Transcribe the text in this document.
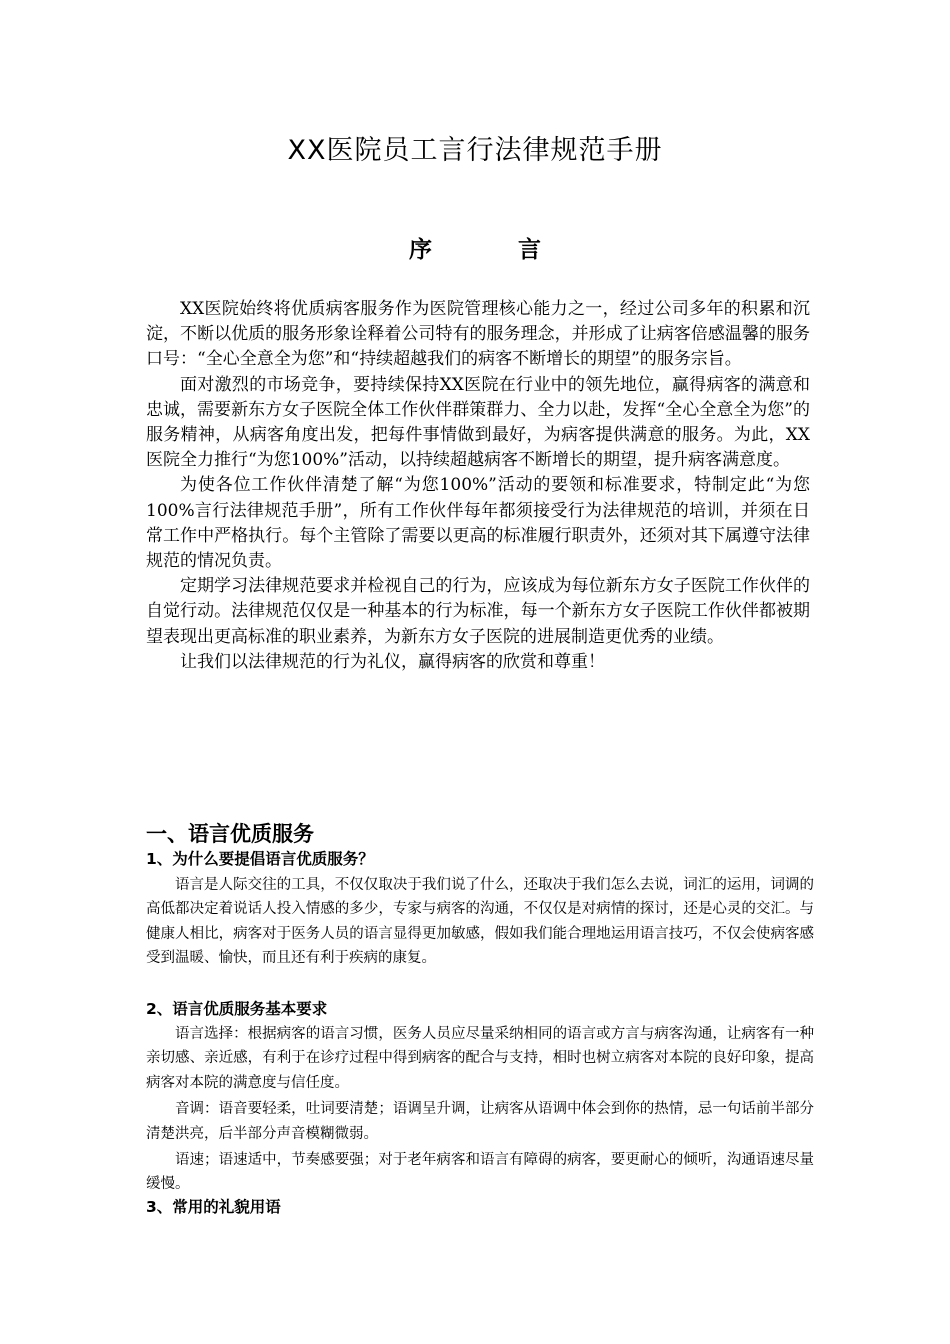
XX医院员工言行法律规范手册
序言

XX医院始终将优质病客服务作为医院管理核心能力之一，经过公司多年的积累和沉淀，不断以优质的服务形象诠释着公司特有的服务理念，并形成了让病客倍感温馨的服务口号：“全心全意全为您”和“持续超越我们的病客不断增长的期望”的服务宗旨。

面对激烈的市场竞争，要持续保持XX医院在行业中的领先地位，赢得病客的满意和忠诚，需要新东方女子医院全体工作伙伴群策群力、全力以赴，发挥“全心全意全为您”的服务精神，从病客角度出发，把每件事情做到最好，为病客提供满意的服务。为此，XX医院全力推行“为您100%”活动，以持续超越病客不断增长的期望，提升病客满意度。

为使各位工作伙伴清楚了解“为您100%”活动的要领和标准要求，特制定此“为您100%言行法律规范手册”，所有工作伙伴每年都须接受行为法律规范的培训，并须在日常工作中严格执行。每个主管除了需要以更高的标准履行职责外，还须对其下属遵守法律规范的情况负责。

定期学习法律规范要求并检视自己的行为，应该成为每位新东方女子医院工作伙伴的自觉行动。法律规范仅仅是一种基本的行为标准，每一个新东方女子医院工作伙伴都被期望表现出更高标准的职业素养，为新东方女子医院的进展制造更优秀的业绩。

让我们以法律规范的行为礼仪，赢得病客的欣赏和尊重！

一、语言优质服务
1、为什么要提倡语言优质服务？

语言是人际交往的工具，不仅仅取决于我们说了什么，还取决于我们怎么去说，词汇的运用，词调的高低都决定着说话人投入情感的多少，专家与病客的沟通，不仅仅是对病情的探讨，还是心灵的交汇。与健康人相比，病客对于医务人员的语言显得更加敏感，假如我们能合理地运用语言技巧，不仅会使病客感受到温暖、愉快，而且还有利于疾病的康复。

2、语言优质服务基本要求

语言选择：根据病客的语言习惯，医务人员应尽量采纳相同的语言或方言与病客沟通，让病客有一种亲切感、亲近感，有利于在诊疗过程中得到病客的配合与支持，相时也树立病客对本院的良好印象，提高病客对本院的满意度与信任度。

音调：语音要轻柔，吐词要清楚；语调呈升调，让病客从语调中体会到你的热情，忌一句话前半部分清楚洪亮，后半部分声音模糊微弱。

语速；语速适中，节奏感要强；对于老年病客和语言有障碍的病客，要更耐心的倾听，沟通语速尽量缓慢。

3、常用的礼貌用语
